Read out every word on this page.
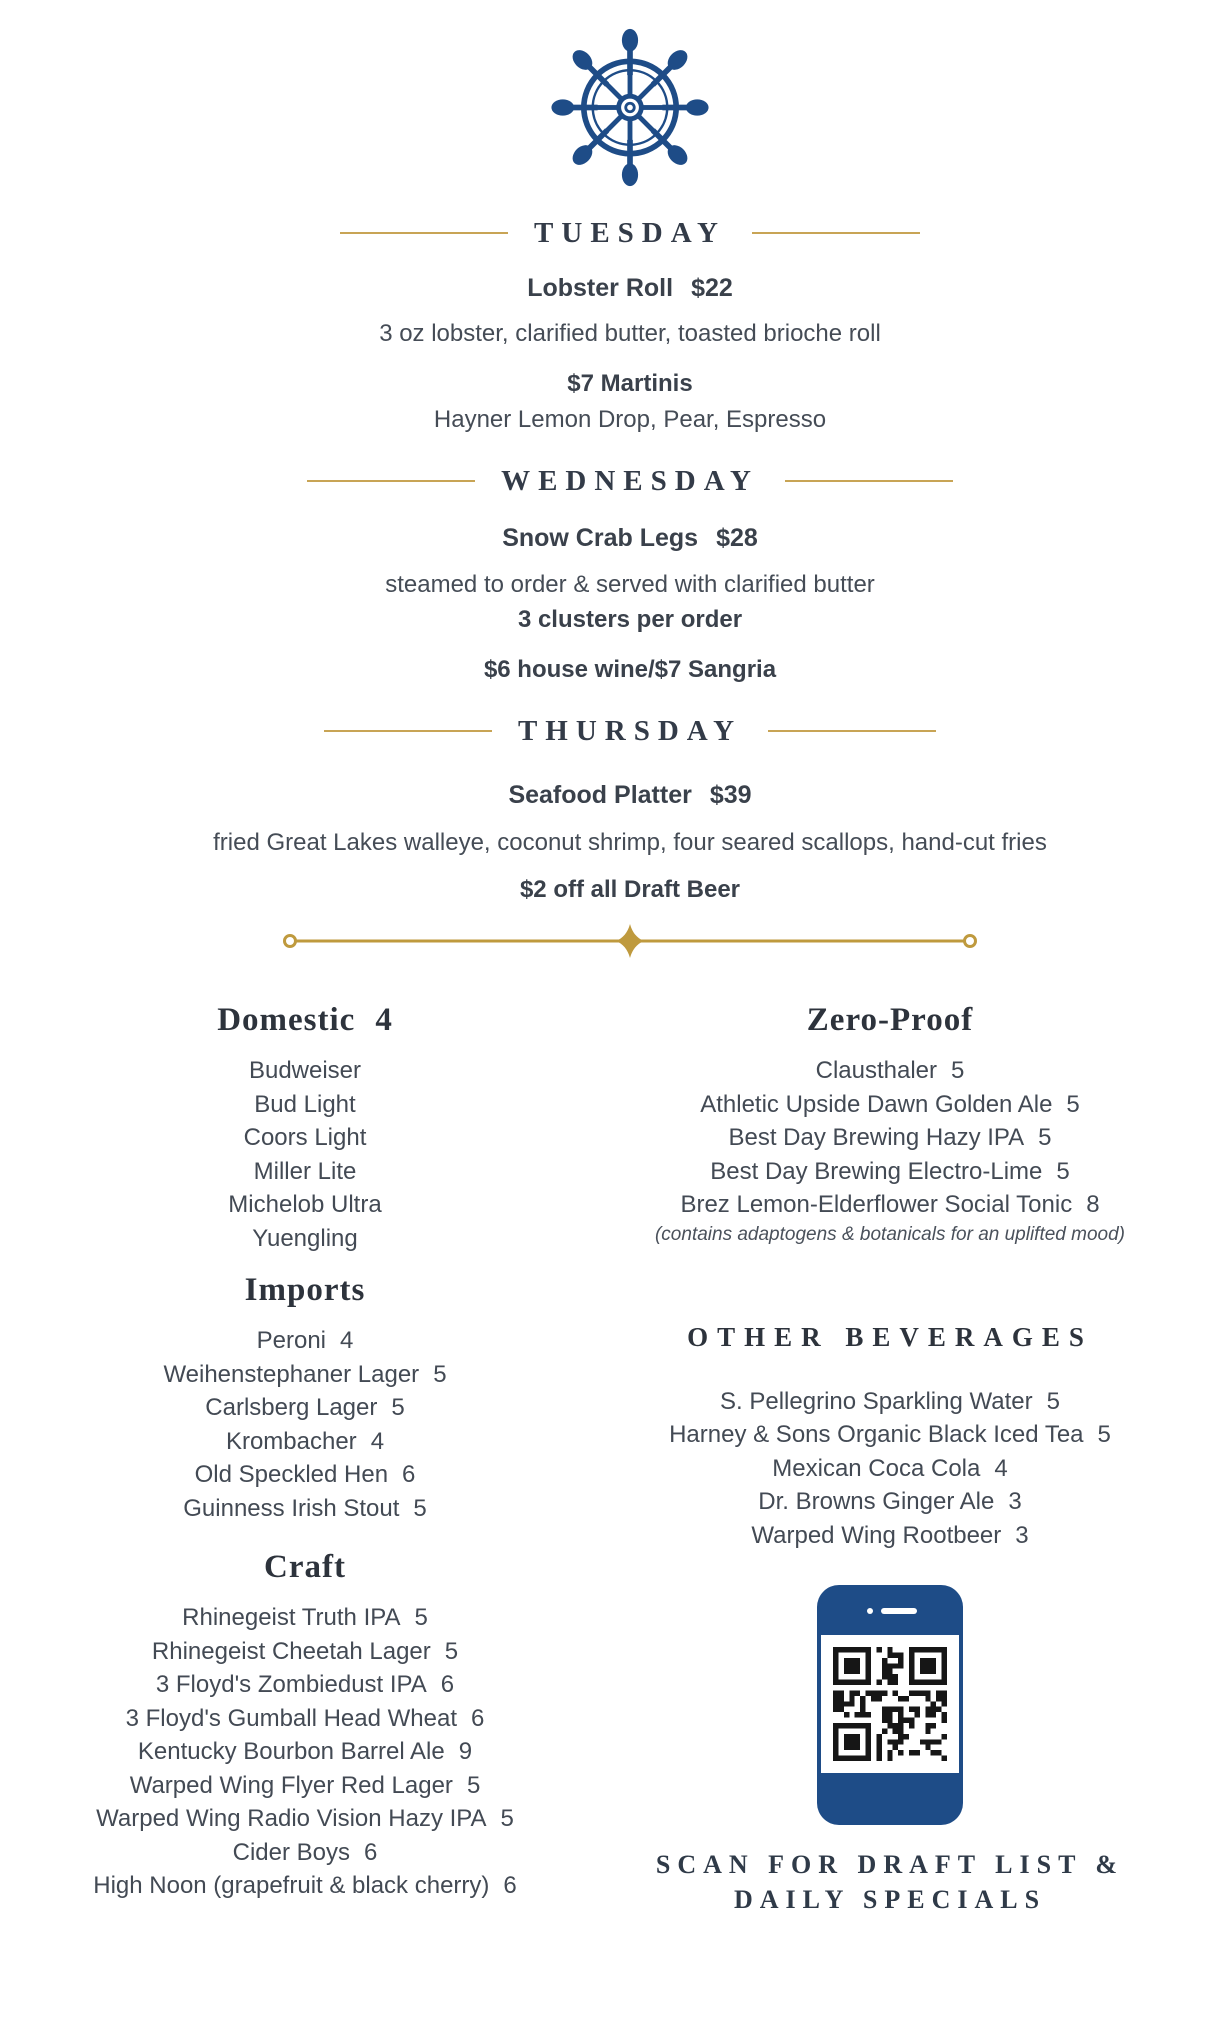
TUESDAY
Lobster Roll $22
3 oz lobster, clarified butter, toasted brioche roll
$7 Martinis
Hayner Lemon Drop, Pear, Espresso
WEDNESDAY
Snow Crab Legs $28
steamed to order & served with clarified butter
3 clusters per order
$6 house wine/$7 Sangria
THURSDAY
Seafood Platter $39
fried Great Lakes walleye, coconut shrimp, four seared scallops, hand-cut fries
$2 off all Draft Beer
Domestic 4
Budweiser
Bud Light
Coors Light
Miller Lite
Michelob Ultra
Yuengling
Imports
Peroni 4
Weihenstephaner Lager 5
Carlsberg Lager 5
Krombacher 4
Old Speckled Hen 6
Guinness Irish Stout 5
Craft
Rhinegeist Truth IPA 5
Rhinegeist Cheetah Lager 5
3 Floyd's Zombiedust IPA 6
3 Floyd's Gumball Head Wheat 6
Kentucky Bourbon Barrel Ale 9
Warped Wing Flyer Red Lager 5
Warped Wing Radio Vision Hazy IPA 5
Cider Boys 6
High Noon (grapefruit & black cherry) 6
Zero-Proof
Clausthaler 5
Athletic Upside Dawn Golden Ale 5
Best Day Brewing Hazy IPA 5
Best Day Brewing Electro-Lime 5
Brez Lemon-Elderflower Social Tonic 8
(contains adaptogens & botanicals for an uplifted mood)
OTHER BEVERAGES
S. Pellegrino Sparkling Water 5
Harney & Sons Organic Black Iced Tea 5
Mexican Coca Cola 4
Dr. Browns Ginger Ale 3
Warped Wing Rootbeer 3
SCAN FOR DRAFT LIST &
DAILY SPECIALS
